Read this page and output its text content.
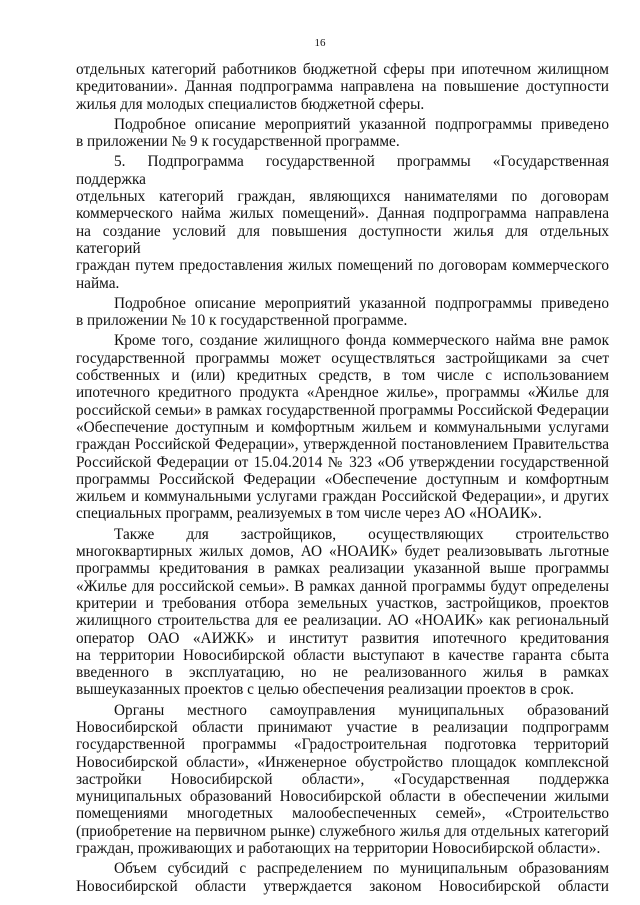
16

отдельных категорий работников бюджетной сферы при ипотечном жилищном

кредитовании». Данная подпрограмма направлена на повышение доступности

жилья для молодых специалистов бюджетной сферы.

Подробное описание мероприятий указанной подпрограммы приведено

в приложении № 9 к государственной программе.

5. Подпрограмма государственной программы «Государственная поддержка

отдельных категорий граждан, являющихся нанимателями по договорам

коммерческого найма жилых помещений». Данная подпрограмма направлена

на создание условий для повышения доступности жилья для отдельных категорий

граждан путем предоставления жилых помещений по договорам коммерческого

найма.

Подробное описание мероприятий указанной подпрограммы приведено

в приложении № 10 к государственной программе.

Кроме того, создание жилищного фонда коммерческого найма вне рамок

государственной программы может осуществляться застройщиками за счет

собственных и (или) кредитных средств, в том числе с использованием

ипотечного кредитного продукта «Арендное жилье», программы «Жилье для

российской семьи» в рамках государственной программы Российской Федерации

«Обеспечение доступным и комфортным жильем и коммунальными услугами

граждан Российской Федерации», утвержденной постановлением Правительства

Российской Федерации от 15.04.2014 № 323 «Об утверждении государственной

программы Российской Федерации «Обеспечение доступным и комфортным

жильем и коммунальными услугами граждан Российской Федерации», и других

специальных программ, реализуемых в том числе через АО «НОАИК».

Также для застройщиков, осуществляющих строительство

многоквартирных жилых домов, АО «НОАИК» будет реализовывать льготные

программы кредитования в рамках реализации указанной выше программы

«Жилье для российской семьи». В рамках данной программы будут определены

критерии и требования отбора земельных участков, застройщиков, проектов

жилищного строительства для ее реализации. АО «НОАИК» как региональный

оператор ОАО «АИЖК» и институт развития ипотечного кредитования

на территории Новосибирской области выступают в качестве гаранта сбыта

введенного в эксплуатацию, но не реализованного жилья в рамках

вышеуказанных проектов с целью обеспечения реализации проектов в срок.

Органы местного самоуправления муниципальных образований

Новосибирской области принимают участие в реализации подпрограмм

государственной программы «Градостроительная подготовка территорий

Новосибирской области», «Инженерное обустройство площадок комплексной

застройки Новосибирской области», «Государственная поддержка

муниципальных образований Новосибирской области в обеспечении жилыми

помещениями многодетных малообеспеченных семей», «Строительство

(приобретение на первичном рынке) служебного жилья для отдельных категорий

граждан, проживающих и работающих на территории Новосибирской области».

Объем субсидий с распределением по муниципальным образованиям

Новосибирской области утверждается законом Новосибирской области
